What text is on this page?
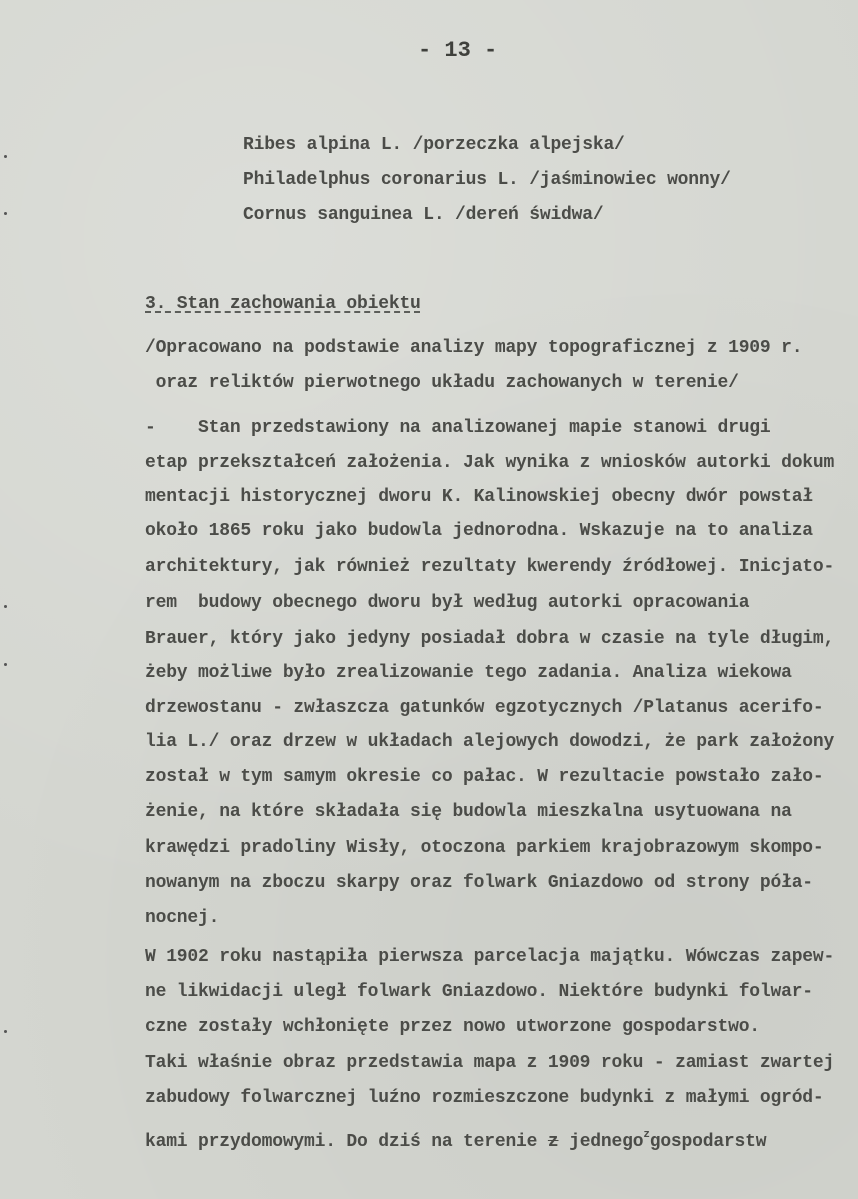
- 13 -
Ribes alpina L. /porzeczka alpejska/
Philadelphus coronarius L. /jaśminowiec wonny/
Cornus sanguinea L. /dereń świdwa/
3. Stan zachowania obiektu
/Opracowano na podstawie analizy mapy topograficznej z 1909 r.
oraz reliktów pierwotnego układu zachowanych w terenie/
-    Stan przedstawiony na analizowanej mapie stanowi drugi
etap przekształceń założenia. Jak wynika z wniosków autorki dokum
mentacji historycznej dworu K. Kalinowskiej obecny dwór powstał
około 1865 roku jako budowla jednorodna. Wskazuje na to analiza
architektury, jak również rezultaty kwerendy źródłowej. Inicjato-
rem  budowy obecnego dworu był według autorki opracowania
Brauer, który jako jedyny posiadał dobra w czasie na tyle długim,
żeby możliwe było zrealizowanie tego zadania. Analiza wiekowa
drzewostanu - zwłaszcza gatunków egzotycznych /Platanus acerifo-
lia L./ oraz drzew w układach alejowych dowodzi, że park założony
został w tym samym okresie co pałac. W rezultacie powstało zało-
żenie, na które składała się budowla mieszkalna usytuowana na
krawędzi pradoliny Wisły, otoczona parkiem krajobrazowym skompo-
nowanym na zboczu skarpy oraz folwark Gniazdowo od strony póła-
nocnej.
W 1902 roku nastąpiła pierwsza parcelacja majątku. Wówczas zapew-
ne likwidacji uległ folwark Gniazdowo. Niektóre budynki folwar-
czne zostały wchłonięte przez nowo utworzone gospodarstwo.
Taki właśnie obraz przedstawia mapa z 1909 roku - zamiast zwartej
zabudowy folwarcznej luźno rozmieszczone budynki z małymi ogród-
kami przydomowymi. Do dziś na terenie z jednego$^z$gospodarstw
